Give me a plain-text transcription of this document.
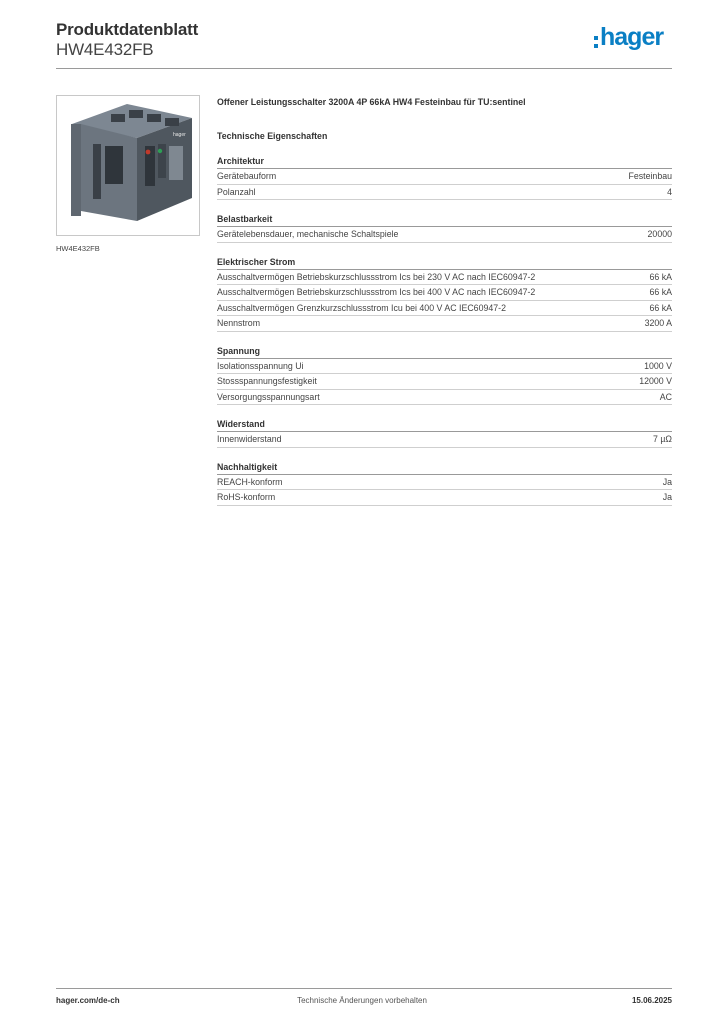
Produktdatenblatt
HW4E432FB	hager
hager
HW4E432FB
Offener Leistungsschalter 3200A 4P 66kA HW4 Festeinbau für TU:sentinel
Technische Eigenschaften
Architektur
Gerätebauform	Festeinbau
Polanzahl	4
Belastbarkeit
Gerätelebensdauer, mechanische Schaltspiele	20000
Elektrischer Strom
Ausschaltvermögen Betriebskurzschlussstrom Ics bei 230 V AC nach IEC60947-2	66 kA
Ausschaltvermögen Betriebskurzschlussstrom Ics bei 400 V AC nach IEC60947-2	66 kA
Ausschaltvermögen Grenzkurzschlussstrom Icu bei 400 V AC IEC60947-2	66 kA
Nennstrom	3200 A
Spannung
Isolationsspannung Ui	1000 V
Stossspannungsfestigkeit	12000 V
Versorgungsspannungsart	AC
Widerstand
Innenwiderstand	7 µΩ
Nachhaltigkeit
REACH-konform	Ja
RoHS-konform	Ja
hager.com/de-ch	Technische Änderungen vorbehalten	15.06.2025
